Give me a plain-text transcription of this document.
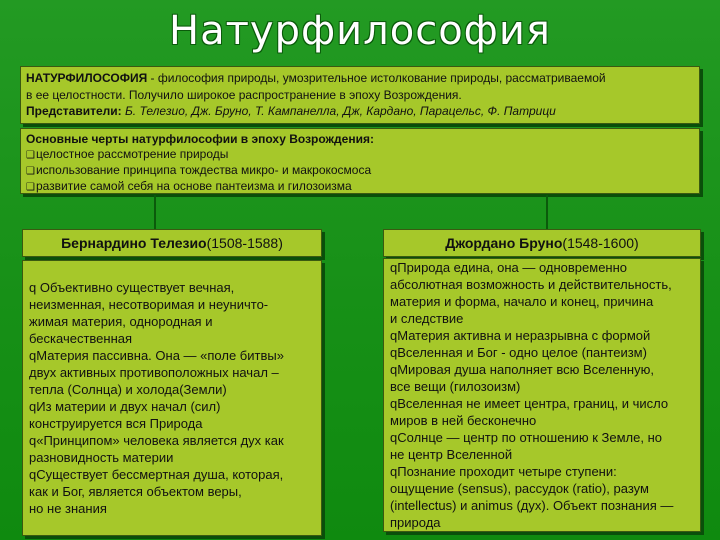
Натурфилософия
НАТУРФИЛОСОФИЯ - философия природы, умозрительное истолкование природы, рассматриваемой
в ее целостности. Получило широкое распространение в эпоху Возрождения.
Представители: Б. Телезио, Дж. Бруно, Т. Кампанелла, Дж, Кардано, Парацельс, Ф. Патрици
Основные черты натурфилософии в эпоху Возрождения:
❑целостное рассмотрение природы
❑использование принципа тождества микро- и макрокосмоса
❑развитие самой себя на основе пантеизма и гилозоизма
Бернардино Телезио (1508-1588)	Джордано Бруно (1548-1600)
q Объективно существует вечная,
неизменная, несотворимая и неуничто-
жимая материя, однородная и
бескачественная
qМатерия пассивна. Она — «поле битвы»
двух активных противоположных начал –
тепла (Солнца) и холода(Земли)
qИз материи и двух начал (сил)
конструируется вся Природа
q«Принципом» человека является дух как
разновидность материи
qСуществует бессмертная душа, которая,
как и Бог, является объектом веры,
но не знания
qПрирода едина, она — одновременно
абсолютная возможность и действительность,
материя и форма, начало и конец, причина
и следствие
qМатерия активна и неразрывна с формой
qВселенная и Бог - одно целое (пантеизм)
qМировая душа наполняет всю Вселенную,
все вещи (гилозоизм)
qВселенная не имеет центра, границ, и число
миров в ней бесконечно
qСолнце — центр по отношению к Земле, но
не центр Вселенной
qПознание проходит четыре ступени:
ощущение (sensus), рассудок (ratio), разум
(intellectus) и animus (дух). Объект познания —
природа
